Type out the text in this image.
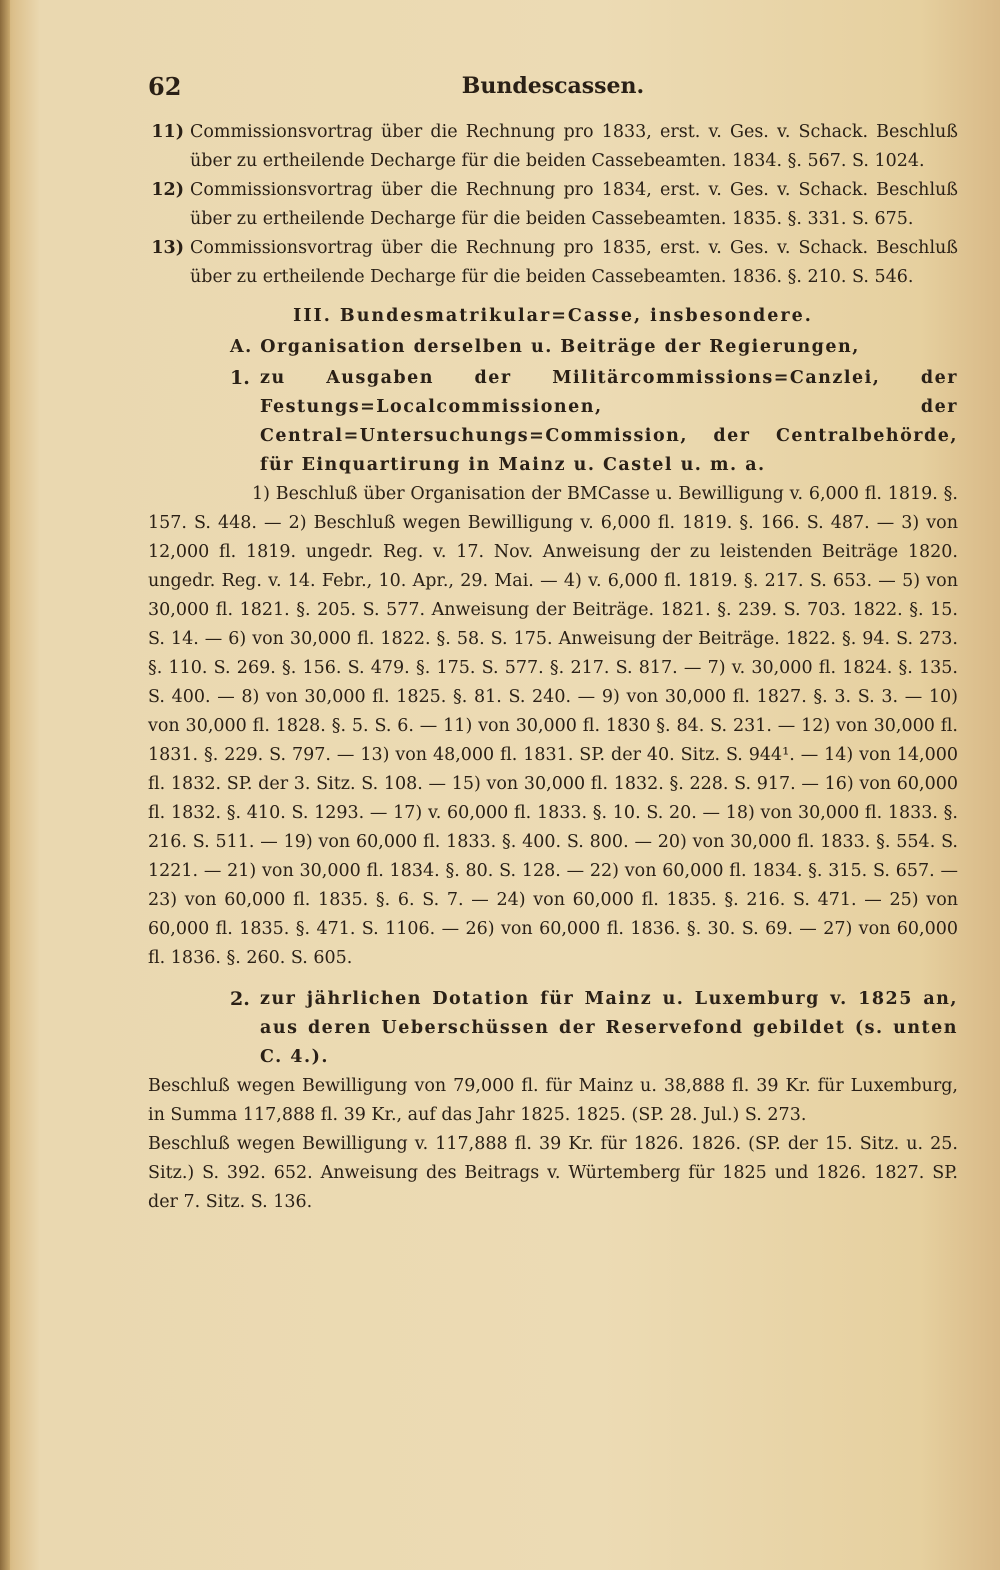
62	Bundescassen.
11) Commissionsvortrag über die Rechnung pro 1833, erst. v. Ges. v. Schack. Beschluß über zu ertheilende Decharge für die beiden Cassebeamten. 1834. §. 567. S. 1024.
12) Commissionsvortrag über die Rechnung pro 1834, erst. v. Ges. v. Schack. Beschluß über zu ertheilende Decharge für die beiden Cassebeamten. 1835. §. 331. S. 675.
13) Commissionsvortrag über die Rechnung pro 1835, erst. v. Ges. v. Schack. Beschluß über zu ertheilende Decharge für die beiden Cassebeamten. 1836. §. 210. S. 546.
III. Bundesmatrikular=Casse, insbesondere.
A. Organisation derselben u. Beiträge der Regierungen,
1. zu Ausgaben der Militärcommissions=Canzlei, der Festungs=Localcommissionen, der Central=Untersuchungs=Commission, der Centralbehörde, für Einquartirung in Mainz u. Castel u. m. a.

1) Beschluß über Organisation der BMCasse u. Bewilligung v. 6,000 fl. 1819. §. 157. S. 448. — 2) Beschluß wegen Bewilligung v. 6,000 fl. 1819. §. 166. S. 487. — 3) von 12,000 fl. 1819. ungedr. Reg. v. 17. Nov. Anweisung der zu leistenden Beiträge 1820. ungedr. Reg. v. 14. Febr., 10. Apr., 29. Mai. — 4) v. 6,000 fl. 1819. §. 217. S. 653. — 5) von 30,000 fl. 1821. §. 205. S. 577. Anweisung der Beiträge. 1821. §. 239. S. 703. 1822. §. 15. S. 14. — 6) von 30,000 fl. 1822. §. 58. S. 175. Anweisung der Beiträge. 1822. §. 94. S. 273. §. 110. S. 269. §. 156. S. 479. §. 175. S. 577. §. 217. S. 817. — 7) v. 30,000 fl. 1824. §. 135. S. 400. — 8) von 30,000 fl. 1825. §. 81. S. 240. — 9) von 30,000 fl. 1827. §. 3. S. 3. — 10) von 30,000 fl. 1828. §. 5. S. 6. — 11) von 30,000 fl. 1830 §. 84. S. 231. — 12) von 30,000 fl. 1831. §. 229. S. 797. — 13) von 48,000 fl. 1831. SP. der 40. Sitz. S. 944¹. — 14) von 14,000 fl. 1832. SP. der 3. Sitz. S. 108. — 15) von 30,000 fl. 1832. §. 228. S. 917. — 16) von 60,000 fl. 1832. §. 410. S. 1293. — 17) v. 60,000 fl. 1833. §. 10. S. 20. — 18) von 30,000 fl. 1833. §. 216. S. 511. — 19) von 60,000 fl. 1833. §. 400. S. 800. — 20) von 30,000 fl. 1833. §. 554. S. 1221. — 21) von 30,000 fl. 1834. §. 80. S. 128. — 22) von 60,000 fl. 1834. §. 315. S. 657. — 23) von 60,000 fl. 1835. §. 6. S. 7. — 24) von 60,000 fl. 1835. §. 216. S. 471. — 25) von 60,000 fl. 1835. §. 471. S. 1106. — 26) von 60,000 fl. 1836. §. 30. S. 69. — 27) von 60,000 fl. 1836. §. 260. S. 605.

2. zur jährlichen Dotation für Mainz u. Luxemburg v. 1825 an, aus deren Ueberschüssen der Reservefond gebildet (s. unten C. 4.).

Beschluß wegen Bewilligung von 79,000 fl. für Mainz u. 38,888 fl. 39 Kr. für Luxemburg, in Summa 117,888 fl. 39 Kr., auf das Jahr 1825. 1825. (SP. 28. Jul.) S. 273.

Beschluß wegen Bewilligung v. 117,888 fl. 39 Kr. für 1826. 1826. (SP. der 15. Sitz. u. 25. Sitz.) S. 392. 652. Anweisung des Beitrags v. Würtemberg für 1825 und 1826. 1827. SP. der 7. Sitz. S. 136.
